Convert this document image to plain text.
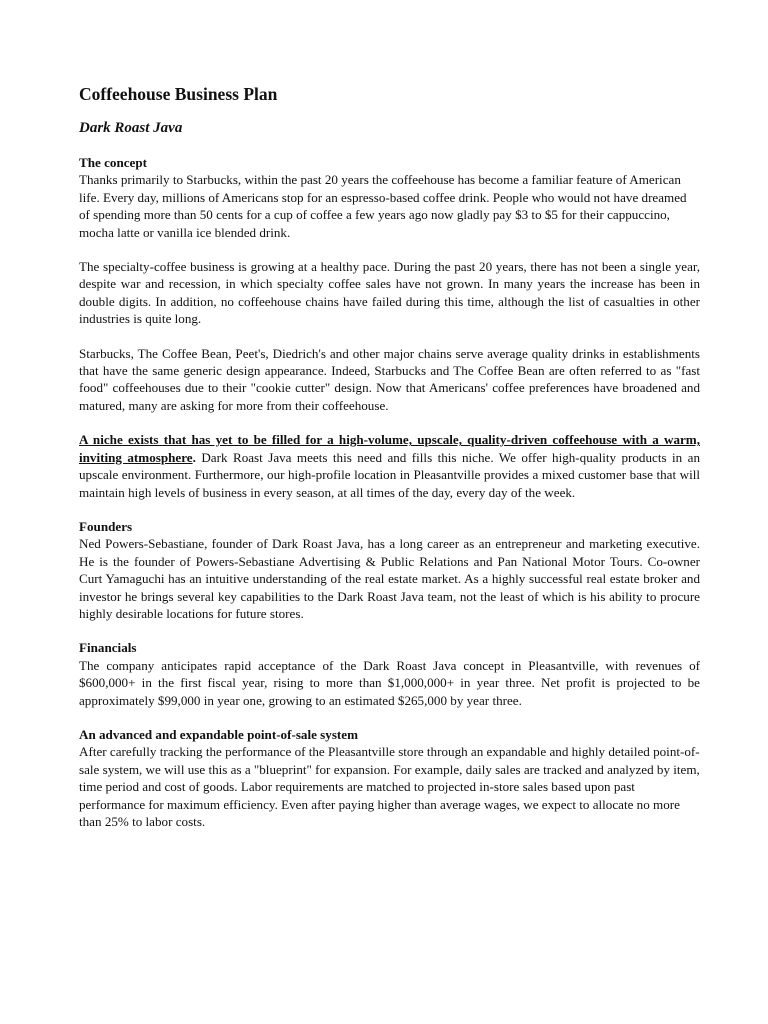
Coffeehouse Business Plan
Dark Roast Java
The concept

Thanks primarily to Starbucks, within the past 20 years the coffeehouse has become a familiar feature of American life. Every day, millions of Americans stop for an espresso-based coffee drink. People who would not have dreamed of spending more than 50 cents for a cup of coffee a few years ago now gladly pay $3 to $5 for their cappuccino, mocha latte or vanilla ice blended drink.

The specialty-coffee business is growing at a healthy pace. During the past 20 years, there has not been a single year, despite war and recession, in which specialty coffee sales have not grown. In many years the increase has been in double digits. In addition, no coffeehouse chains have failed during this time, although the list of casualties in other industries is quite long.

Starbucks, The Coffee Bean, Peet's, Diedrich's and other major chains serve average quality drinks in establishments that have the same generic design appearance. Indeed, Starbucks and The Coffee Bean are often referred to as "fast food" coffeehouses due to their "cookie cutter" design. Now that Americans' coffee preferences have broadened and matured, many are asking for more from their coffeehouse.

A niche exists that has yet to be filled for a high-volume, upscale, quality-driven coffeehouse with a warm, inviting atmosphere. Dark Roast Java meets this need and fills this niche. We offer high-quality products in an upscale environment. Furthermore, our high-profile location in Pleasantville provides a mixed customer base that will maintain high levels of business in every season, at all times of the day, every day of the week.

Founders

Ned Powers-Sebastiane, founder of Dark Roast Java, has a long career as an entrepreneur and marketing executive. He is the founder of Powers-Sebastiane Advertising & Public Relations and Pan National Motor Tours. Co-owner Curt Yamaguchi has an intuitive understanding of the real estate market. As a highly successful real estate broker and investor he brings several key capabilities to the Dark Roast Java team, not the least of which is his ability to procure highly desirable locations for future stores.

Financials

The company anticipates rapid acceptance of the Dark Roast Java concept in Pleasantville, with revenues of $600,000+ in the first fiscal year, rising to more than $1,000,000+ in year three. Net profit is projected to be approximately $99,000 in year one, growing to an estimated $265,000 by year three.

An advanced and expandable point-of-sale system

After carefully tracking the performance of the Pleasantville store through an expandable and highly detailed point-of-sale system, we will use this as a "blueprint" for expansion. For example, daily sales are tracked and analyzed by item, time period and cost of goods. Labor requirements are matched to projected in-store sales based upon past performance for maximum efficiency. Even after paying higher than average wages, we expect to allocate no more than 25% to labor costs.
